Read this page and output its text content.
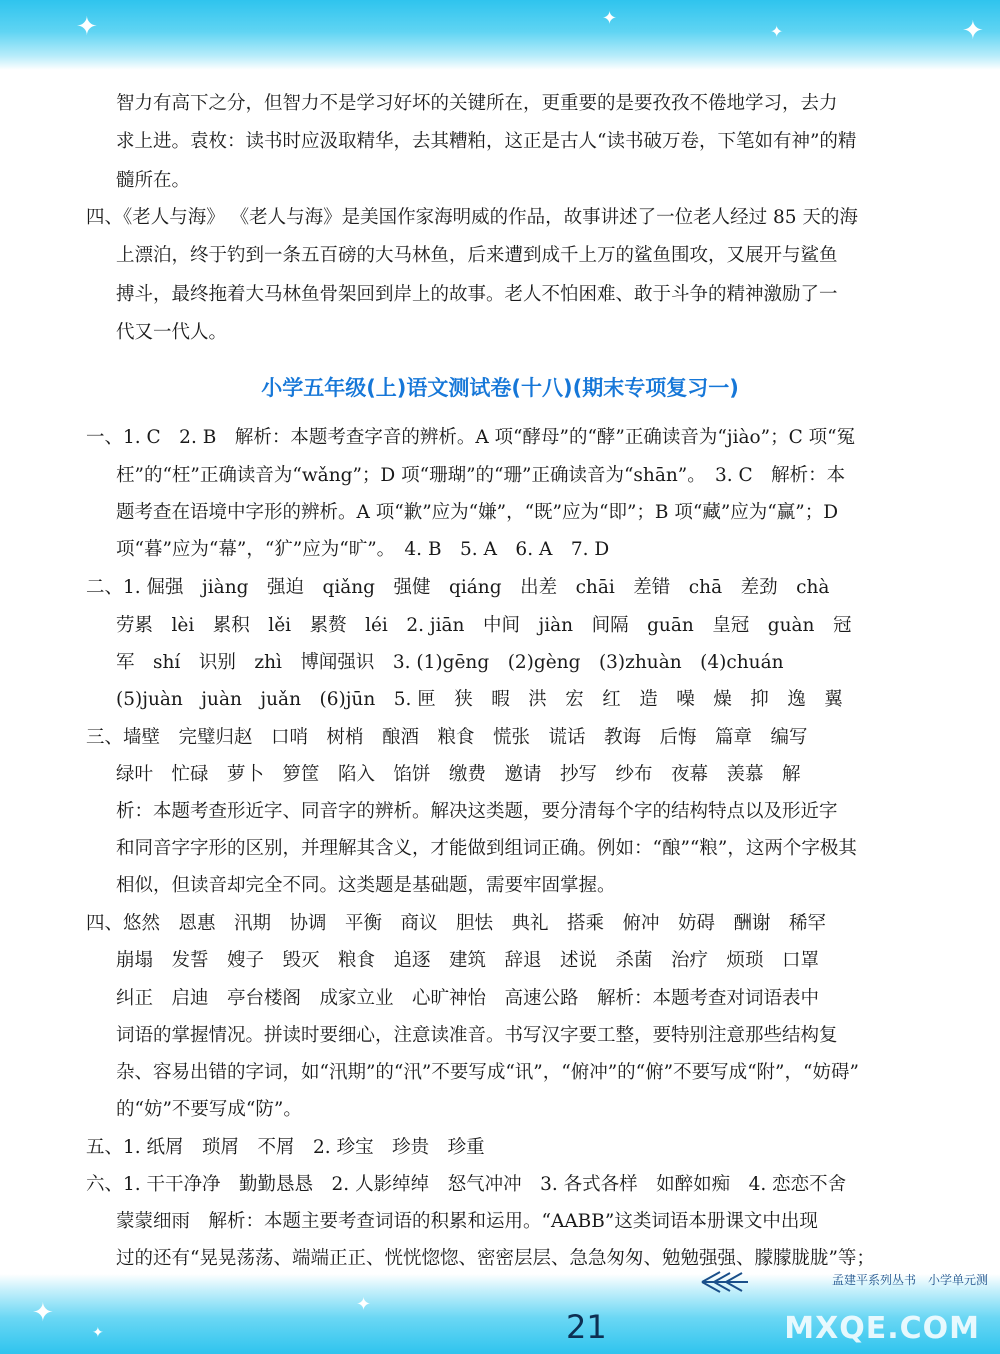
✦	✦
✦	✦
智力有高下之分，但智力不是学习好坏的关键所在，更重要的是要孜孜不倦地学习，去力
求上进。袁枚：读书时应汲取精华，去其糟粕，这正是古人“读书破万卷，下笔如有神”的精
髓所在。
四、《老人与海》 《老人与海》是美国作家海明威的作品，故事讲述了一位老人经过 85 天的海
上漂泊，终于钓到一条五百磅的大马林鱼，后来遭到成千上万的鲨鱼围攻，又展开与鲨鱼
搏斗，最终拖着大马林鱼骨架回到岸上的故事。老人不怕困难、敢于斗争的精神激励了一
代又一代人。
小学五年级(上)语文测试卷(十八)(期末专项复习一)
一、1. C　2. B　解析：本题考查字音的辨析。A 项“酵母”的“酵”正确读音为“jiào”；C 项“冤
枉”的“枉”正确读音为“wǎng”；D 项“珊瑚”的“珊”正确读音为“shān”。　3. C　解析：本
题考查在语境中字形的辨析。A 项“歉”应为“嫌”，“既”应为“即”；B 项“藏”应为“赢”；D
项“暮”应为“幕”，“犷”应为“旷”。　4. B　5. A　6. A　7. D
二、1. 倔强　jiàng　强迫　qiǎng　强健　qiáng　出差　chāi　差错　chā　差劲　chà
劳累　lèi　累积　lěi　累赘　léi　2. jiān　中间　jiàn　间隔　guān　皇冠　guàn　冠
军　shí　识别　zhì　博闻强识　3. (1)gēng　(2)gèng　(3)zhuàn　(4)chuán
(5)juàn　juàn　juǎn　(6)jūn　5. 匣　狭　暇　洪　宏　红　造　噪　燥　抑　逸　翼
三、墙壁　完璧归赵　口哨　树梢　酿酒　粮食　慌张　谎话　教诲　后悔　篇章　编写
绿叶　忙碌　萝卜　箩筐　陷入　馅饼　缴费　邀请　抄写　纱布　夜幕　羡慕　解
析：本题考查形近字、同音字的辨析。解决这类题，要分清每个字的结构特点以及形近字
和同音字字形的区别，并理解其含义，才能做到组词正确。例如：“酿”“粮”，这两个字极其
相似，但读音却完全不同。这类题是基础题，需要牢固掌握。
四、悠然　恩惠　汛期　协调　平衡　商议　胆怯　典礼　搭乘　俯冲　妨碍　酬谢　稀罕
崩塌　发誓　嫂子　毁灭　粮食　追逐　建筑　辞退　述说　杀菌　治疗　烦琐　口罩
纠正　启迪　亭台楼阁　成家立业　心旷神怡　高速公路　解析：本题考查对词语表中
词语的掌握情况。拼读时要细心，注意读准音。书写汉字要工整，要特别注意那些结构复
杂、容易出错的字词，如“汛期”的“汛”不要写成“讯”，“俯冲”的“俯”不要写成“附”，“妨碍”
的“妨”不要写成“防”。
五、1. 纸屑　琐屑　不屑　2. 珍宝　珍贵　珍重
六、1. 干干净净　勤勤恳恳　2. 人影绰绰　怒气冲冲　3. 各式各样　如醉如痴　4. 恋恋不舍
蒙蒙细雨　解析：本题主要考查词语的积累和运用。“AABB”这类词语本册课文中出现
过的还有“晃晃荡荡、端端正正、恍恍惚惚、密密层层、急急匆匆、勉勉强强、朦朦胧胧”等；
✦	✦
✦
孟建平系列丛书　小学单元测
21	MXQE.COM
